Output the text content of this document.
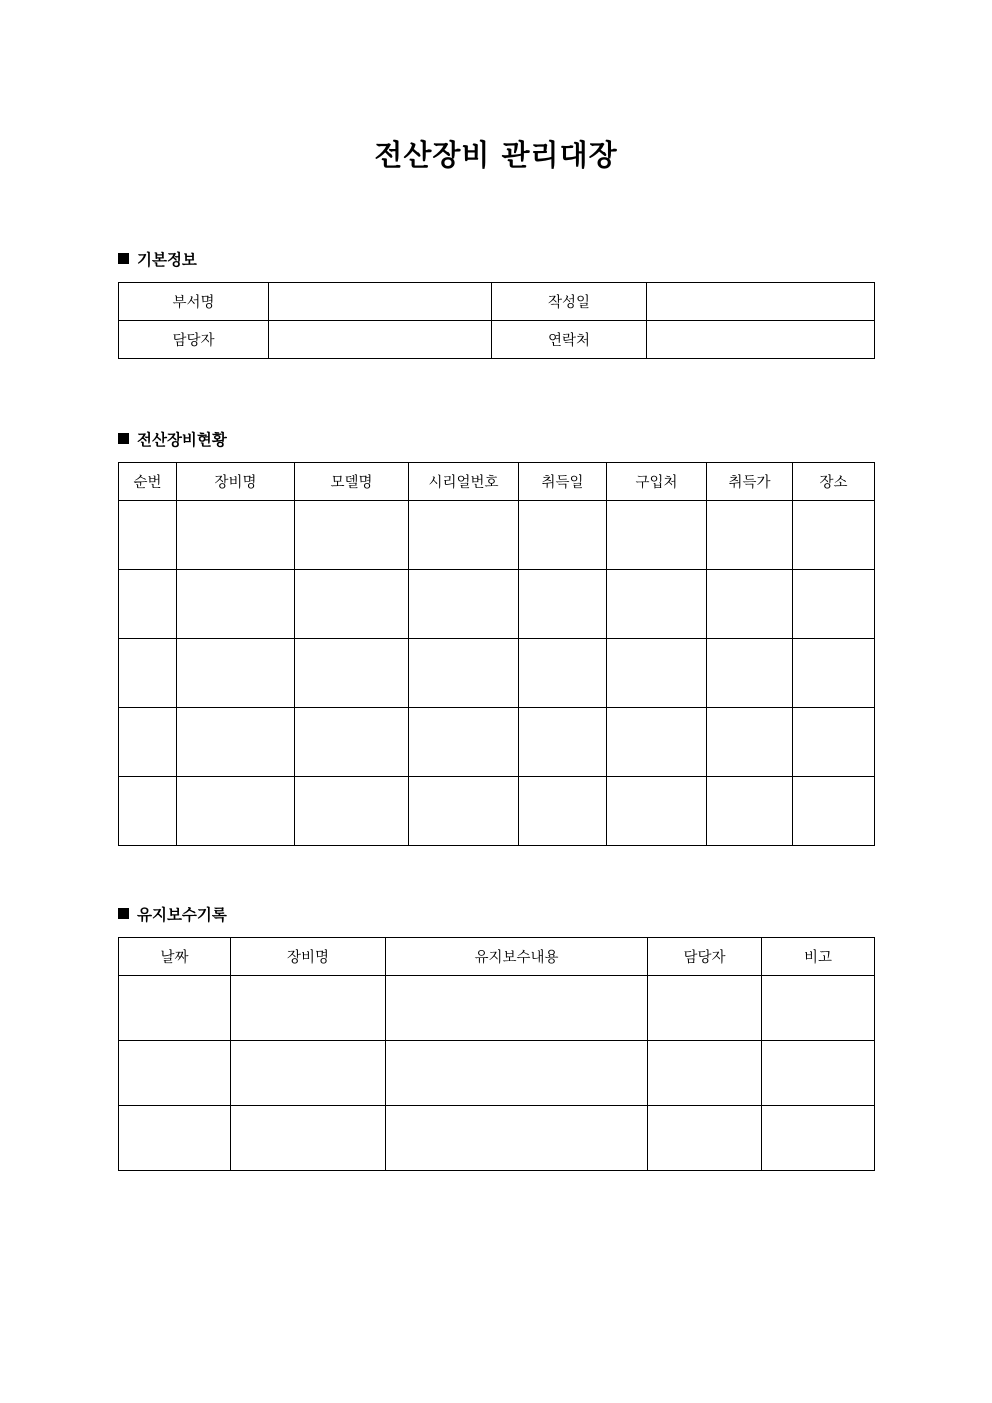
전산장비 관리대장
기본정보
부서명		작성일	
담당자		연락처	
전산장비현황
순번	장비명	모델명	시리얼번호	취득일	구입처	취득가	장소

유지보수기록
날짜	장비명	유지보수내용	담당자	비고
